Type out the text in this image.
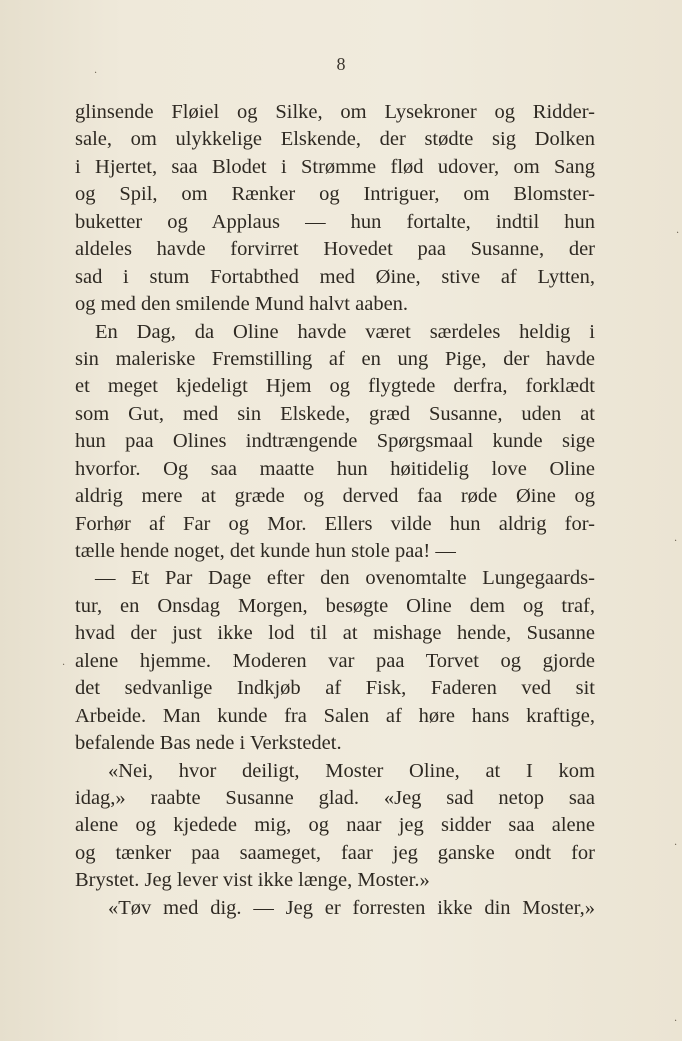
8
glinsende Fløiel og Silke, om Lysekroner og Ridder-
sale, om ulykkelige Elskende, der stødte sig Dolken
i Hjertet, saa Blodet i Strømme flød udover, om Sang
og Spil, om Rænker og Intriguer, om Blomster-
buketter og Applaus — hun fortalte, indtil hun
aldeles havde forvirret Hovedet paa Susanne, der
sad i stum Fortabthed med Øine, stive af Lytten,
og med den smilende Mund halvt aaben.
En Dag, da Oline havde været særdeles heldig i
sin maleriske Fremstilling af en ung Pige, der havde
et meget kjedeligt Hjem og flygtede derfra, forklædt
som Gut, med sin Elskede, græd Susanne, uden at
hun paa Olines indtrængende Spørgsmaal kunde sige
hvorfor. Og saa maatte hun høitidelig love Oline
aldrig mere at græde og derved faa røde Øine og
Forhør af Far og Mor. Ellers vilde hun aldrig for-
tælle hende noget, det kunde hun stole paa! —
— Et Par Dage efter den ovenomtalte Lungegaards-
tur, en Onsdag Morgen, besøgte Oline dem og traf,
hvad der just ikke lod til at mishage hende, Susanne
alene hjemme. Moderen var paa Torvet og gjorde
det sedvanlige Indkjøb af Fisk, Faderen ved sit
Arbeide. Man kunde fra Salen af høre hans kraftige,
befalende Bas nede i Verkstedet.
«Nei, hvor deiligt, Moster Oline, at I kom
idag,» raabte Susanne glad. «Jeg sad netop saa
alene og kjedede mig, og naar jeg sidder saa alene
og tænker paa saameget, faar jeg ganske ondt for
Brystet. Jeg lever vist ikke længe, Moster.»
«Tøv med dig. — Jeg er forresten ikke din Moster,»
.
.
.
.
.
.
